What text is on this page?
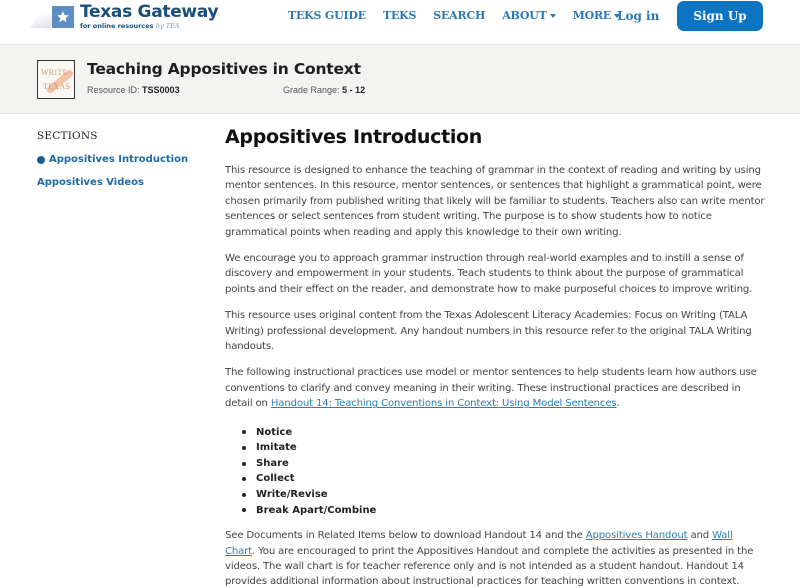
Texas Gateway
for online resources by TEA
TEKS GUIDE TEKS SEARCH ABOUT	MORE Log in	Sign Up
WRITE
TEXAS
Teaching Appositives in Context
Resource ID: TSS0003	Grade Range: 5 - 12
SECTIONS
Appositives Introduction
Appositives Videos
Appositives Introduction

This resource is designed to enhance the teaching of grammar in the context of reading and writing by using mentor sentences. In this resource, mentor sentences, or sentences that highlight a grammatical point, were chosen primarily from published writing that likely will be familiar to students. Teachers also can write mentor sentences or select sentences from student writing. The purpose is to show students how to notice grammatical points when reading and apply this knowledge to their own writing.

We encourage you to approach grammar instruction through real-world examples and to instill a sense of discovery and empowerment in your students. Teach students to think about the purpose of grammatical points and their effect on the reader, and demonstrate how to make purposeful choices to improve writing.

This resource uses original content from the Texas Adolescent Literacy Academies: Focus on Writing (TALA Writing) professional development. Any handout numbers in this resource refer to the original TALA Writing handouts.

The following instructional practices use model or mentor sentences to help students learn how authors use conventions to clarify and convey meaning in their writing. These instructional practices are described in detail on Handout 14: Teaching Conventions in Context: Using Model Sentences.

Notice
Imitate
Share
Collect
Write/Revise
Break Apart/Combine

See Documents in Related Items below to download Handout 14 and the Appositives Handout and Wall Chart. You are encouraged to print the Appositives Handout and complete the activities as presented in the videos. The wall chart is for teacher reference only and is not intended as a student handout. Handout 14 provides additional information about instructional practices for teaching written conventions in context.
